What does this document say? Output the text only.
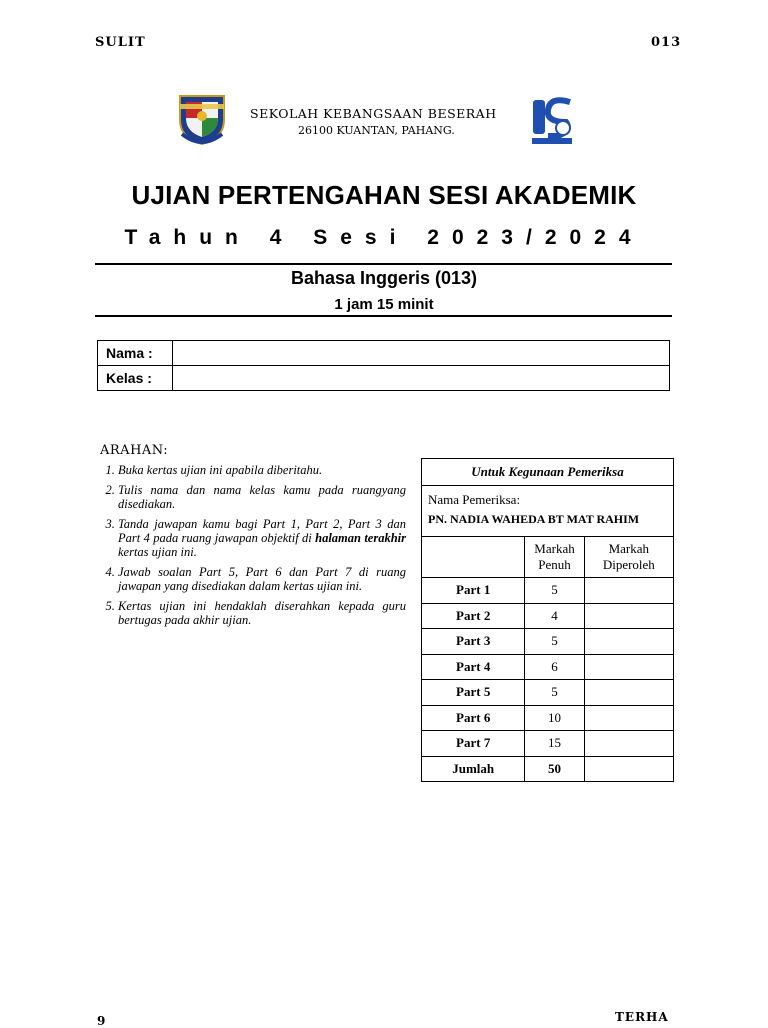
SULIT	013
SEKOLAH KEBANGSAAN BESERAH
26100 KUANTAN, PAHANG.
UJIAN PERTENGAHAN SESI AKADEMIK
Tahun 4 Sesi 2023/2024
Bahasa Inggeris (013)
1 jam 15 minit
Nama :	
Kelas :	
ARAHAN:
1. Buka kertas ujian ini apabila diberitahu.
2. Tulis nama dan nama kelas kamu pada ruangyang disediakan.
3. Tanda jawapan kamu bagi Part 1, Part 2, Part 3 dan Part 4 pada ruang jawapan objektif di halaman terakhir kertas ujian ini.
4. Jawab soalan Part 5, Part 6 dan Part 7 di ruang jawapan yang disediakan dalam kertas ujian ini.
5. Kertas ujian ini hendaklah diserahkan kepada guru bertugas pada akhir ujian.
Untuk Kegunaan Pemeriksa		

Nama Pemeriksa:
PN. NADIA WAHEDA BT MAT RAHIM		

	Markah Penuh	Markah Diperoleh
Part 1	5	
Part 2	4	
Part 3	5	
Part 4	6	
Part 5	5	
Part 6	10	
Part 7	15	
Jumlah	50	
9	TERHA
